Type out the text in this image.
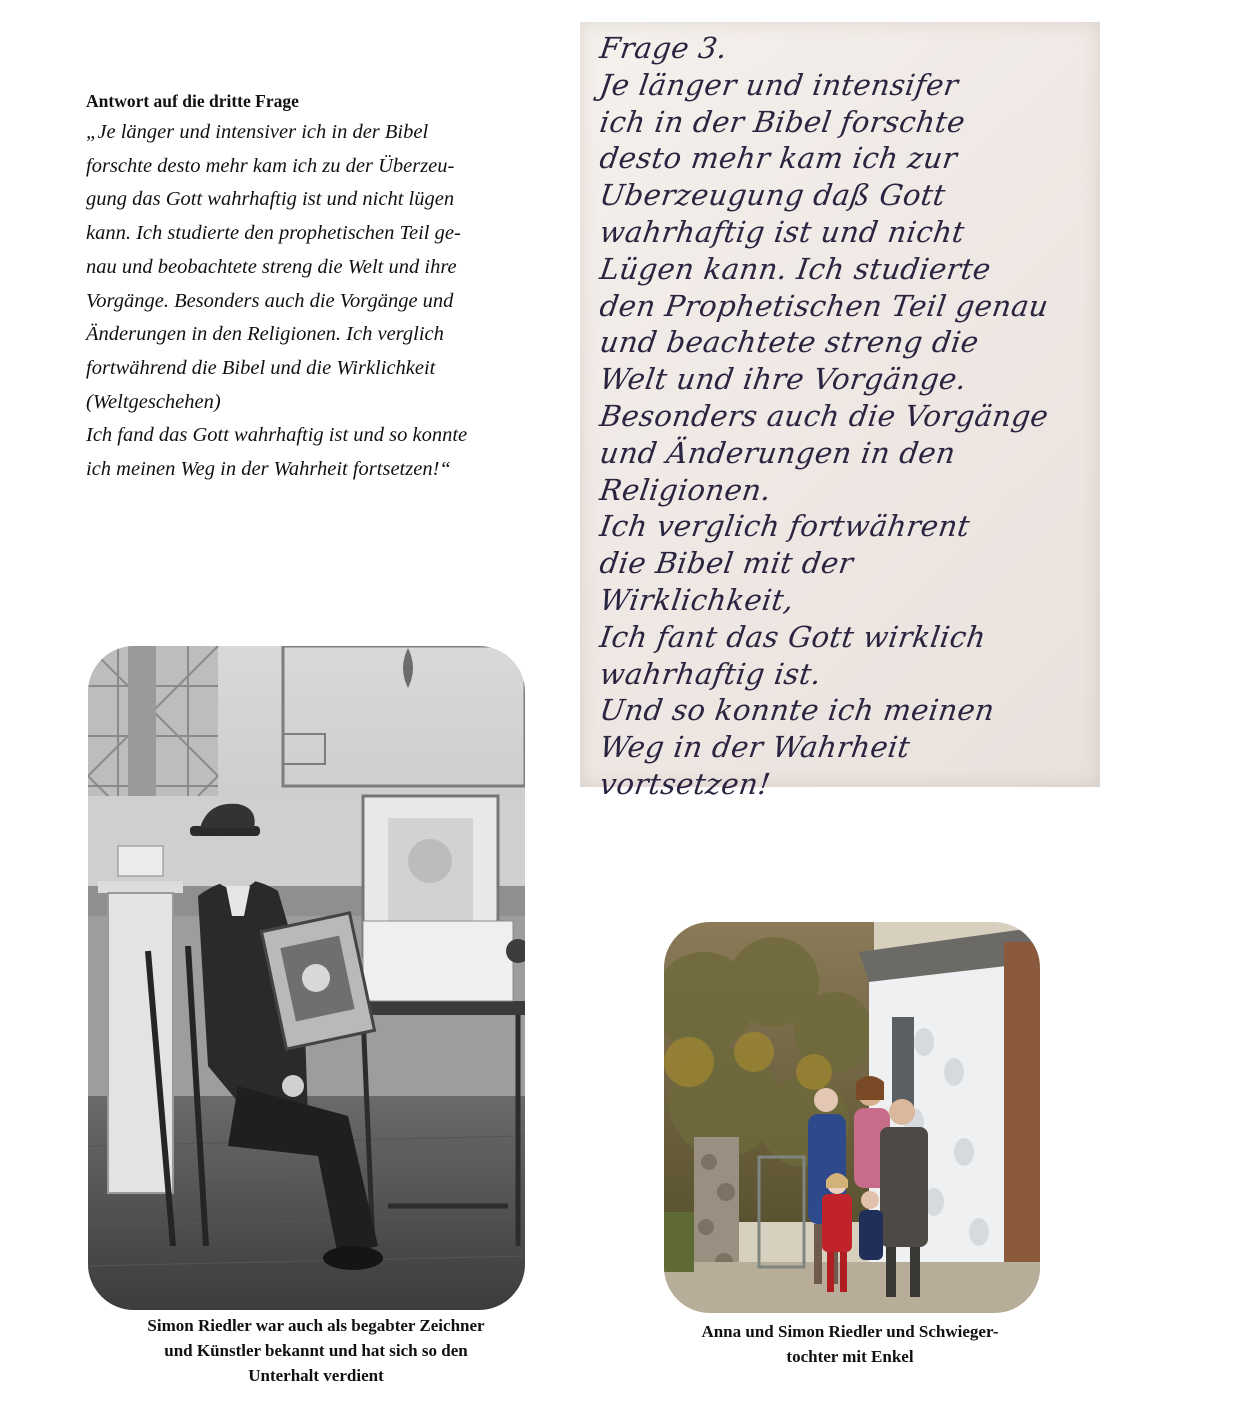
Antwort auf die dritte Frage

„Je länger und intensiver ich in der Bibel

forschte desto mehr kam ich zu der Überzeu-

gung das Gott wahrhaftig ist und nicht lügen

kann. Ich studierte den prophetischen Teil ge-

nau und beobachtete streng die Welt und ihre

Vorgänge. Besonders auch die Vorgänge und

Änderungen in den Religionen. Ich verglich

fortwährend die Bibel und die Wirklichkeit

(Weltgeschehen)

Ich fand das Gott wahrhaftig ist und so konnte

ich meinen Weg in der Wahrheit fortsetzen!“

Frage 3.
Je länger und intensifer
ich in der Bibel forschte
desto mehr kam ich zur
Uberzeugung daß Gott
wahrhaftig ist und nicht
Lügen kann. Ich studierte
den Prophetischen Teil genau
und beachtete streng die
Welt und ihre Vorgänge.
Besonders auch die Vorgänge
und Änderungen in den
Religionen.
Ich verglich fortwährent
die Bibel mit der
Wirklichkeit,
Ich fant das Gott wirklich
wahrhaftig ist.
Und so konnte ich meinen
Weg in der Wahrheit
vortsetzen!
Simon Riedler war auch als begabter Zeichner
und Künstler bekannt und hat sich so den
Unterhalt verdient
Anna und Simon Riedler und Schwieger-
tochter mit Enkel
